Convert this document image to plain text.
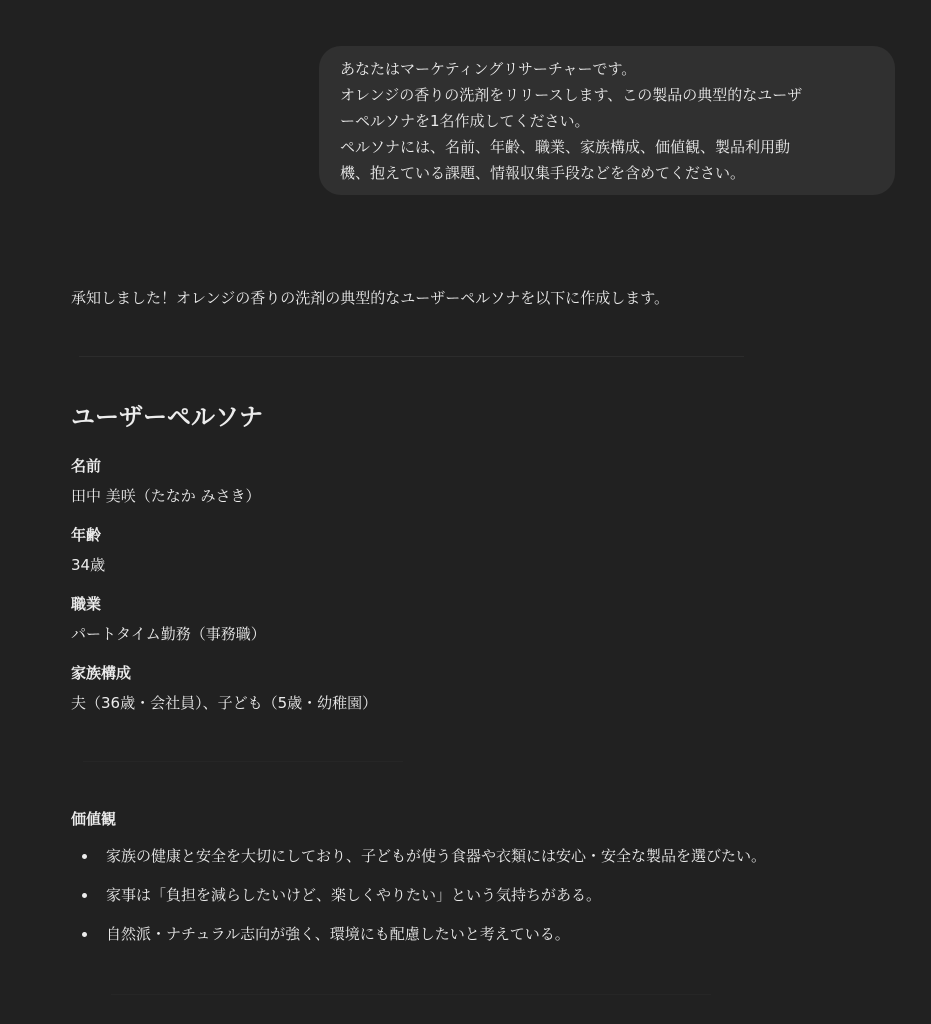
あなたはマーケティングリサーチャーです。
オレンジの香りの洗剤をリリースします、この製品の典型的なユーザ
ーペルソナを1名作成してください。
ペルソナには、名前、年齢、職業、家族構成、価値観、製品利用動
機、抱えている課題、情報収集手段などを含めてください。
承知しました！オレンジの香りの洗剤の典型的なユーザーペルソナを以下に作成します。
ユーザーペルソナ
名前
田中 美咲（たなか みさき）
年齢
34歳
職業
パートタイム勤務（事務職）
家族構成
夫（36歳・会社員）、子ども（5歳・幼稚園）
価値観
家族の健康と安全を大切にしており、子どもが使う食器や衣類には安心・安全な製品を選びたい。
家事は「負担を減らしたいけど、楽しくやりたい」という気持ちがある。
自然派・ナチュラル志向が強く、環境にも配慮したいと考えている。
